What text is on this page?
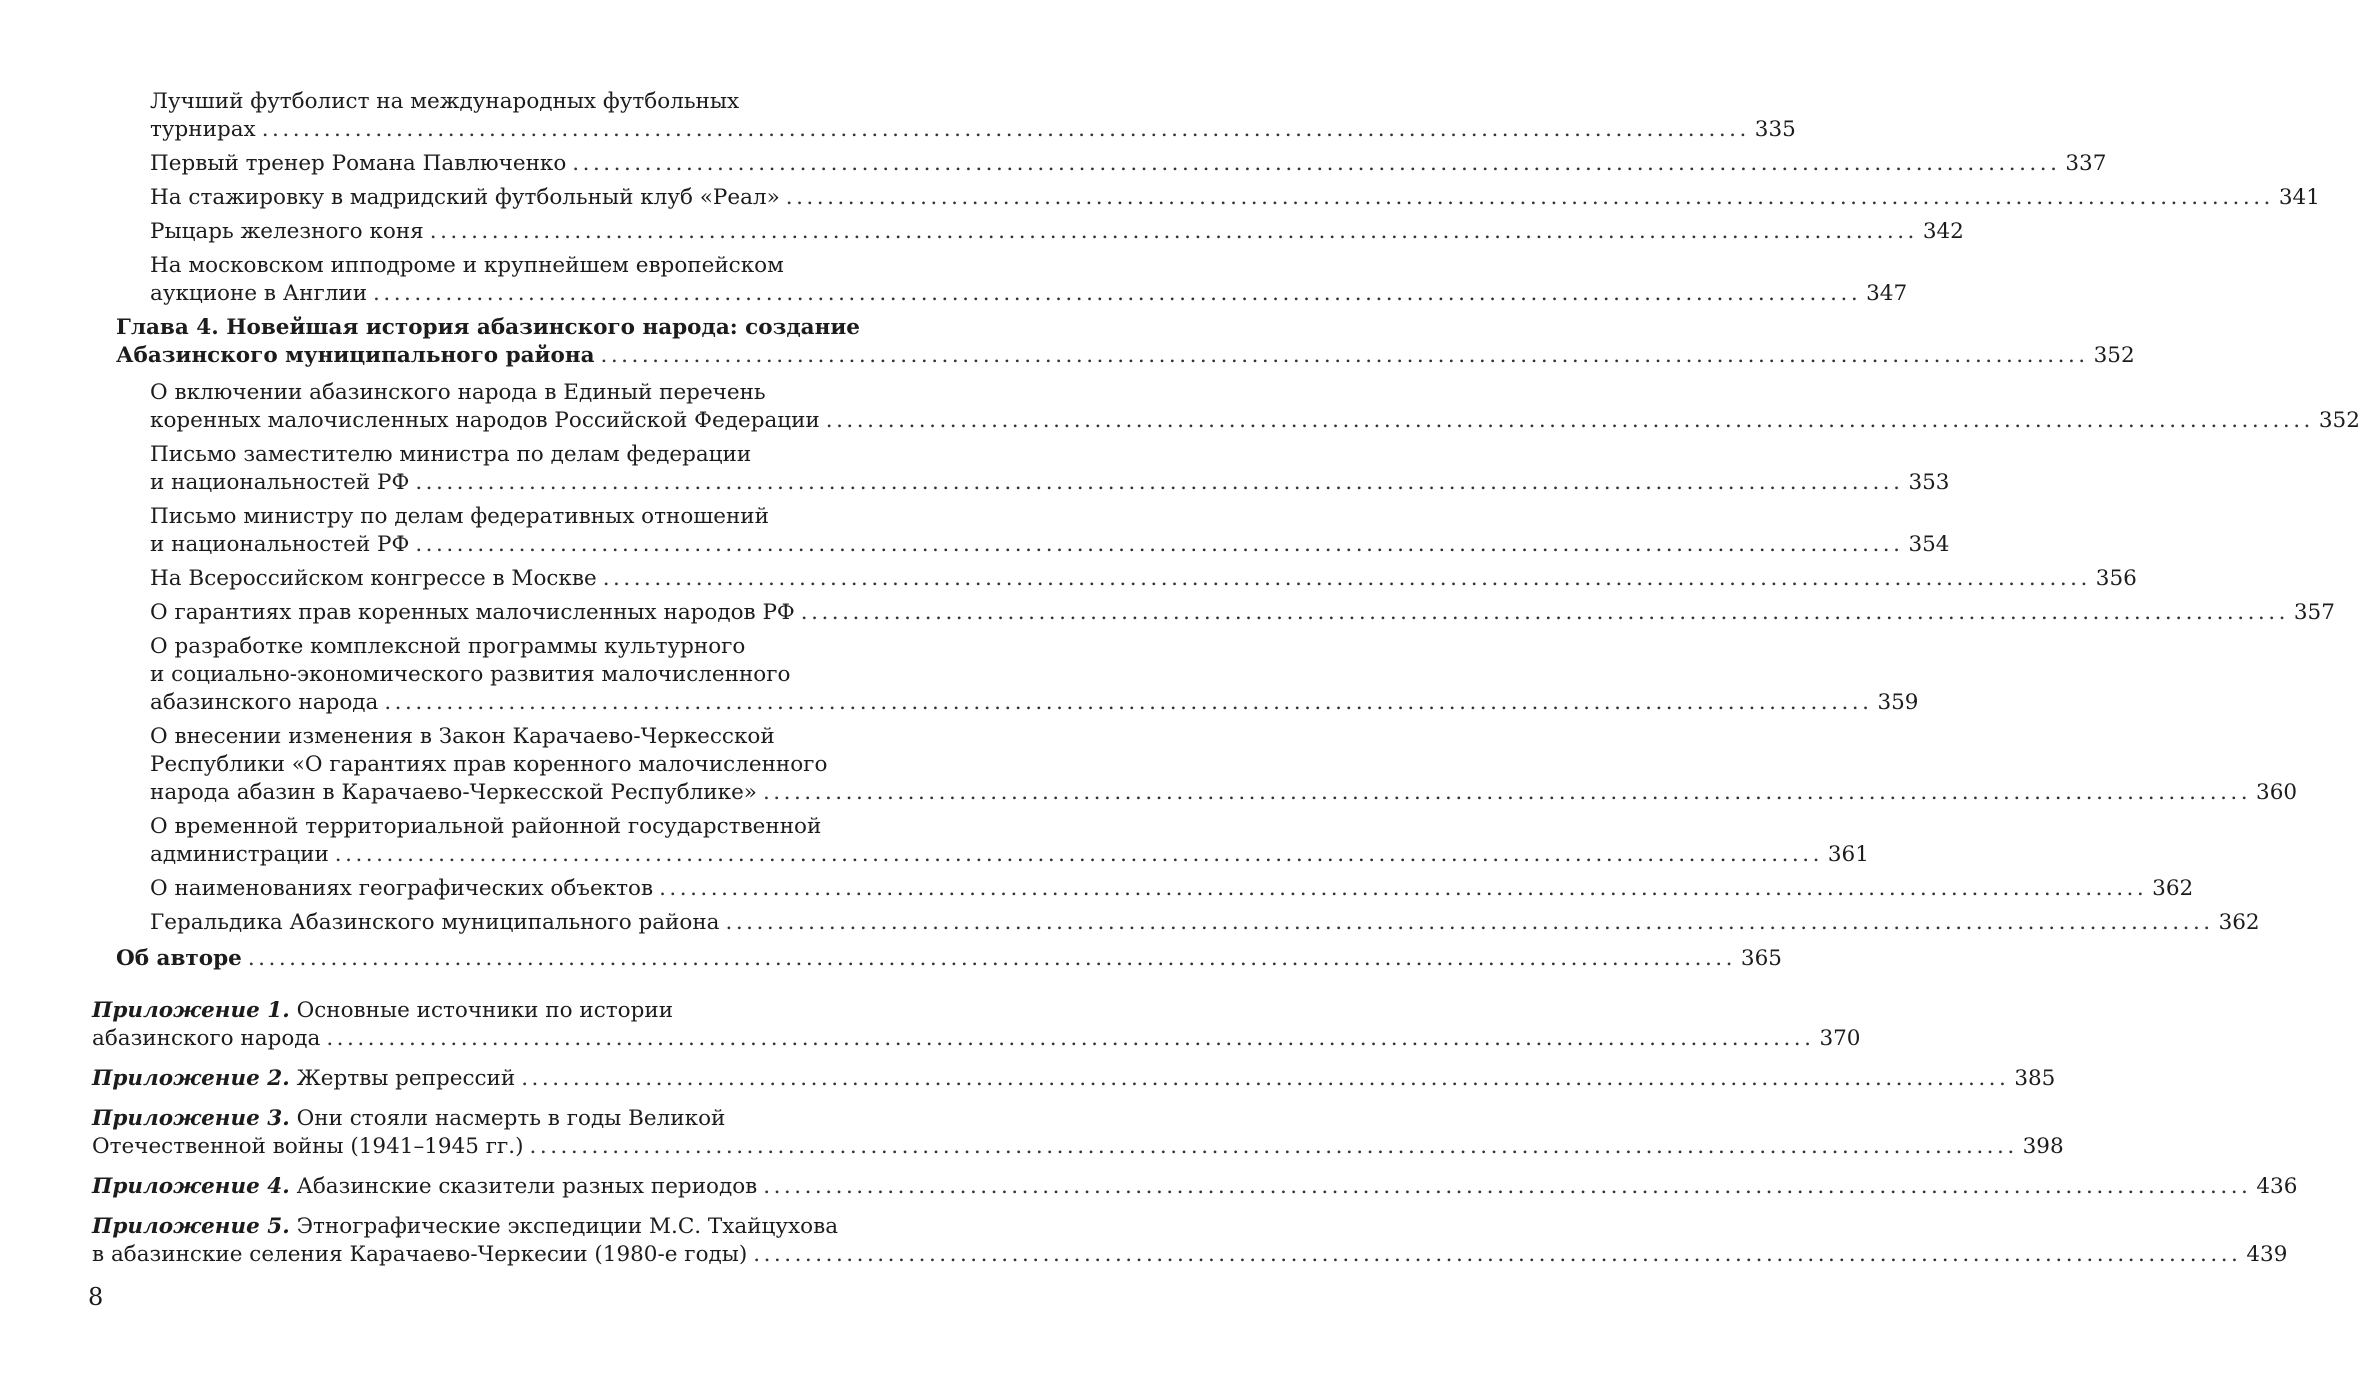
Лучший футболист на международных футбольных
турнирах ................................................................................................................................................ 335
Первый тренер Романа Павлюченко ................................................................................................................................................ 337
На стажировку в мадридский футбольный клуб «Реал» ................................................................................................................................................ 341
Рыцарь железного коня ................................................................................................................................................ 342
На московском ипподроме и крупнейшем европейском
аукционе в Англии ................................................................................................................................................ 347
Глава 4. Новейшая история абазинского народа: создание
Абазинского муниципального района ................................................................................................................................................ 352
О включении абазинского народа в Единый перечень
коренных малочисленных народов Российской Федерации ................................................................................................................................................ 352
Письмо заместителю министра по делам федерации
и национальностей РФ ................................................................................................................................................ 353
Письмо министру по делам федеративных отношений
и национальностей РФ ................................................................................................................................................ 354
На Всероссийском конгрессе в Москве ................................................................................................................................................ 356
О гарантиях прав коренных малочисленных народов РФ ................................................................................................................................................ 357
О разработке комплексной программы культурного
и социально-экономического развития малочисленного
абазинского народа ................................................................................................................................................ 359
О внесении изменения в Закон Карачаево-Черкесской
Республики «О гарантиях прав коренного малочисленного
народа абазин в Карачаево-Черкесской Республике» ................................................................................................................................................ 360
О временной территориальной районной государственной
администрации ................................................................................................................................................ 361
О наименованиях географических объектов ................................................................................................................................................ 362
Геральдика Абазинского муниципального района ................................................................................................................................................ 362
Об авторе ................................................................................................................................................ 365
Приложение 1. Основные источники по истории
абазинского народа ................................................................................................................................................ 370
Приложение 2. Жертвы репрессий ................................................................................................................................................ 385
Приложение 3. Они стояли насмерть в годы Великой
Отечественной войны (1941–1945 гг.) ................................................................................................................................................ 398
Приложение 4. Абазинские сказители разных периодов ................................................................................................................................................ 436
Приложение 5. Этнографические экспедиции М.С. Тхайцухова
в абазинские селения Карачаево-Черкесии (1980-е годы) ................................................................................................................................................ 439
8
